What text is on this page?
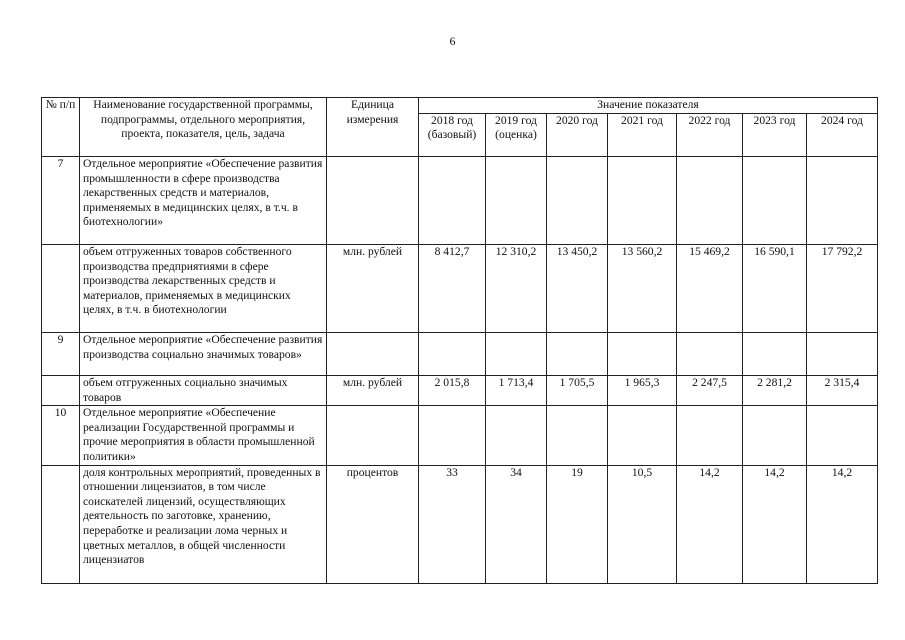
6
№ п/п	Наименование государственной программы, подпрограммы, отдельного мероприятия, проекта, показателя, цель, задача	Единица измерения	Значение показателя						
			2018 год (базовый)	2019 год (оценка)	2020 год	2021 год	2022 год	2023 год	2024 год
7	Отдельное мероприятие «Обеспечение развития промышленности в сфере производства лекарственных средств и материалов, применяемых в медицинских целях, в т.ч. в биотехнологии»								
	объем отгруженных товаров собственного производства предприятиями в сфере производства лекарственных средств и материалов, применяемых в медицинских целях, в т.ч. в биотехнологии	млн. рублей	8 412,7	12 310,2	13 450,2	13 560,2	15 469,2	16 590,1	17 792,2
9	Отдельное мероприятие «Обеспечение развития производства социально значимых товаров»								
	объем отгруженных социально значимых товаров	млн. рублей	2 015,8	1 713,4	1 705,5	1 965,3	2 247,5	2 281,2	2 315,4
10	Отдельное мероприятие «Обеспечение реализации Государственной программы и прочие мероприятия в области промышленной политики»								
	доля контрольных мероприятий, проведенных в отношении лицензиатов, в том числе соискателей лицензий, осуществляющих деятельность по заготовке, хранению, переработке и реализации лома черных и цветных металлов, в общей численности лицензиатов	процентов	33	34	19	10,5	14,2	14,2	14,2
